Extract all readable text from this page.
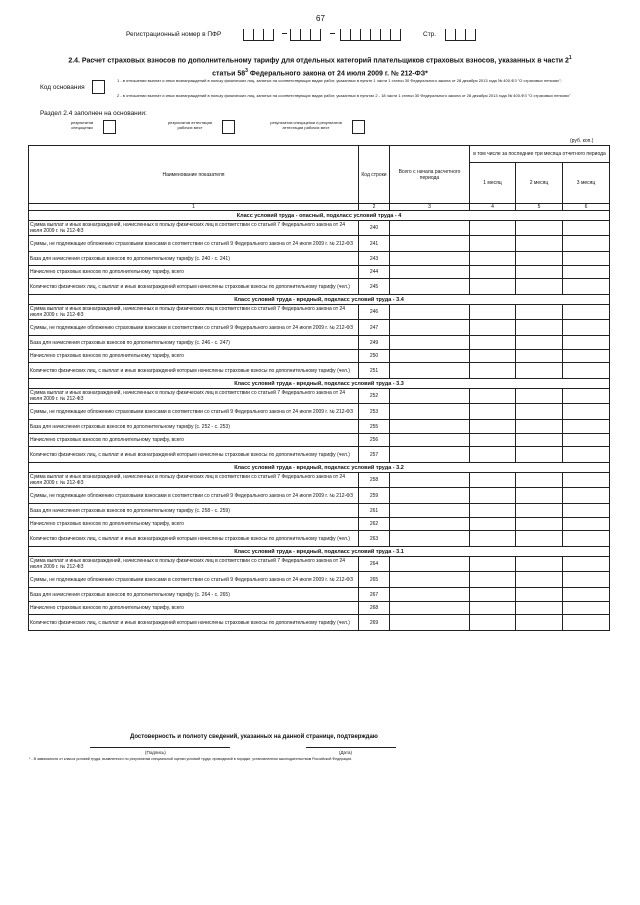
67
Регистрационный номер в ПФР	Стр.
2.4. Расчет страховых взносов по дополнительному тарифу для отдельных категорий плательщиков страховых взносов, указанных в части $2^1$
статьи $58^3$ Федерального закона от 24 июля 2009 г. № 212-ФЗ*
Код основания
1 - в отношении выплат и иных вознаграждений в пользу физических лиц, занятых на соответствующих видах работ, указанных в пункте 1 части 1 статьи 30 Федерального закона от 28 декабря 2013 года № 400-ФЗ "О страховых пенсиях";
2 - в отношении выплат и иных вознаграждений в пользу физических лиц, занятых на соответствующих видах работ, указанных в пунктах 2 - 18 части 1 статьи 30 Федерального закона от 28 декабря 2013 года № 400-ФЗ "О страховых пенсиях"
Раздел 2.4 заполнен на основании:
результатов спецоценки
результатов аттестации рабочих мест
результатов спецоценки и результатов аттестации рабочих мест
(руб. коп.)
Наименование показателя	Код строки	Всего с начала расчетного периода	в том числе за последние три месяца отчетного периода		
			1 месяц	2 месяц	3 месяц
1	2	3	4	5	6
Класс условий труда - опасный, подкласс условий труда - 4					
Сумма выплат и иных вознаграждений, начисленных в пользу физических лиц в соответствии со статьей 7 Федерального закона от 24 июля 2009 г. № 212-ФЗ	240				
Суммы, не подлежащие обложению страховыми взносами в соответствии со статьей 9 Федерального закона от 24 июля 2009 г. № 212-ФЗ	241				
База для начисления страховых взносов по дополнительному тарифу (с. 240 - с. 241)	243				
Начислено страховых взносов по дополнительному тарифу, всего	244				
Количество физических лиц, с выплат и иных вознаграждений которым начислены страховые взносы по дополнительному тарифу (чел.)	245				
Класс условий труда - вредный, подкласс условий труда - 3.4					
Сумма выплат и иных вознаграждений, начисленных в пользу физических лиц в соответствии со статьей 7 Федерального закона от 24 июля 2009 г. № 212-ФЗ	246				
Суммы, не подлежащие обложению страховыми взносами в соответствии со статьей 9 Федерального закона от 24 июля 2009 г. № 212-ФЗ	247				
База для начисления страховых взносов по дополнительному тарифу (с. 246 - с. 247)	249				
Начислено страховых взносов по дополнительному тарифу, всего	250				
Количество физических лиц, с выплат и иных вознаграждений которым начислены страховые взносы по дополнительному тарифу (чел.)	251				
Класс условий труда - вредный, подкласс условий труда - 3.3					
Сумма выплат и иных вознаграждений, начисленных в пользу физических лиц в соответствии со статьей 7 Федерального закона от 24 июля 2009 г. № 212-ФЗ	252				
Суммы, не подлежащие обложению страховыми взносами в соответствии со статьей 9 Федерального закона от 24 июля 2009 г. № 212-ФЗ	253				
База для начисления страховых взносов по дополнительному тарифу (с. 252 - с. 253)	255				
Начислено страховых взносов по дополнительному тарифу, всего	256				
Количество физических лиц, с выплат и иных вознаграждений которым начислены страховые взносы по дополнительному тарифу (чел.)	257				
Класс условий труда - вредный, подкласс условий труда - 3.2					
Сумма выплат и иных вознаграждений, начисленных в пользу физических лиц в соответствии со статьей 7 Федерального закона от 24 июля 2009 г. № 212-ФЗ	258				
Суммы, не подлежащие обложению страховыми взносами в соответствии со статьей 9 Федерального закона от 24 июля 2009 г. № 212-ФЗ	259				
База для начисления страховых взносов по дополнительному тарифу (с. 258 - с. 259)	261				
Начислено страховых взносов по дополнительному тарифу, всего	262				
Количество физических лиц, с выплат и иных вознаграждений которым начислены страховые взносы по дополнительному тарифу (чел.)	263				
Класс условий труда - вредный, подкласс условий труда - 3.1					
Сумма выплат и иных вознаграждений, начисленных в пользу физических лиц в соответствии со статьей 7 Федерального закона от 24 июля 2009 г. № 212-ФЗ	264				
Суммы, не подлежащие обложению страховыми взносами в соответствии со статьей 9 Федерального закона от 24 июля 2009 г. № 212-ФЗ	265				
База для начисления страховых взносов по дополнительному тарифу (с. 264 - с. 265)	267				
Начислено страховых взносов по дополнительному тарифу, всего	268				
Количество физических лиц, с выплат и иных вознаграждений которым начислены страховые взносы по дополнительному тарифу (чел.)	269				
Достоверность и полноту сведений, указанных на данной странице, подтверждаю
(Подпись)	(Дата)
* - В зависимости от класса условий труда, выявленного по результатам специальной оценки условий труда, проводимой в порядке, установленном законодательством Российской Федерации.
